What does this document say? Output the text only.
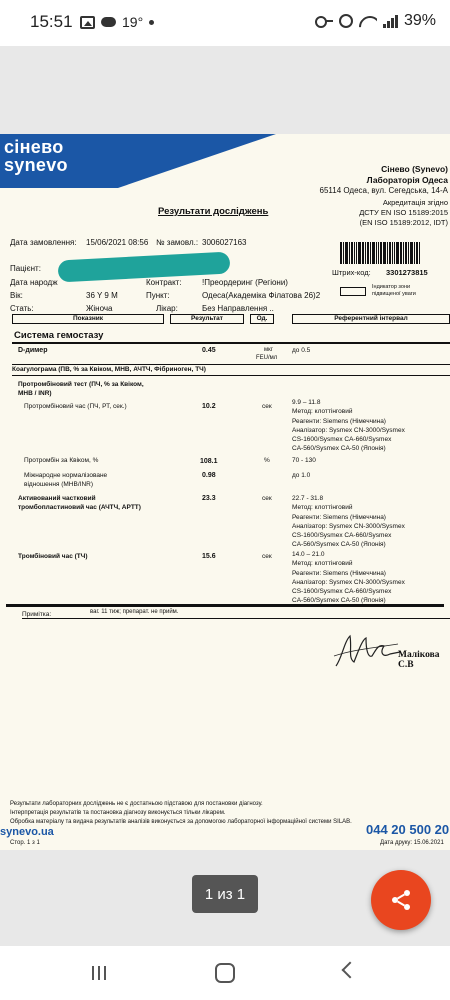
15:51	19°	39%
сінево
synevo	Сінево (Synevo)
Лабораторія Одеса
65114 Одеса, вул. Сегедська, 14-А
Акредитація згідно
ДСТУ EN ISO 15189:2015
(EN ISO 15189:2012, IDT)
Результати досліджень
Дата замовлення: 15/06/2021 08:56 № замовл.: 3006027163
Штрих-код: 3301273815
Пацієнт:
Дата народж	Контракт:	!Преордеринг (Регіони)
Вік:	36 Y 9 M	Пункт:	Одеса(Академіка Філатова 26)2
Індикатор зони
підвищеної уваги
Стать:	Жіноча	Лікар:	Без Направлення ..
Показник	Результат	Од.	Референтний інтервал
Система гемостазу
D-димер	0.45	мкг
FEU/мл
до 0.5
Коагулограма (ПВ, % за Квіком, МНВ, АЧТЧ, Фібриноген, ТЧ)
Протромбіновий тест (ПЧ, % за Квіком,
МНВ / INR)
Протромбіновий час (ПЧ, РТ, сек.)	10.2	сек
9.9 – 11.8
Метод: клоттінговий
Реагенти: Siemens (Німеччина)
Аналізатор: Sysmex CN-3000/Sysmex
CS-1600/Sysmex CA-660/Sysmex
CA-560/Sysmex CA-50 (Японія)
Протромбін за Квіком, %	108.1	%	70 - 130
Міжнародне нормалізоване
відношення (МНВ/INR)
0.98	до 1.0
Активований частковий
тромбопластиновий час (АЧТЧ, APTT)
23.3	сек	22.7 - 31.8
Метод: клоттінговий
Реагенти: Siemens (Німеччина)
Аналізатор: Sysmex CN-3000/Sysmex
CS-1600/Sysmex CA-660/Sysmex
CA-560/Sysmex CA-50 (Японія)
Тромбіновий час (ТЧ)	15.6	сек	14.0 – 21.0
Метод: клоттінговий
Реагенти: Siemens (Німеччина)
Аналізатор: Sysmex CN-3000/Sysmex
CS-1600/Sysmex CA-660/Sysmex
CA-560/Sysmex CA-50 (Японія)
Примітка:	ваг. 11 тиж; препарат. не прийм.
Малікова С.В
Результати лабораторних досліджень не є достатньою підставою для постановки діагнозу.
Інтерпретація результатів та постановка діагнозу виконується тільки лікарем.
Обробка матеріалу та видача результатів аналізів виконується за допомогою лабораторної інформаційної системи SILAB.
synevo.ua
Стор. 1 з 1
044 20 500 20
Дата друку: 15.06.2021
1 из 1
